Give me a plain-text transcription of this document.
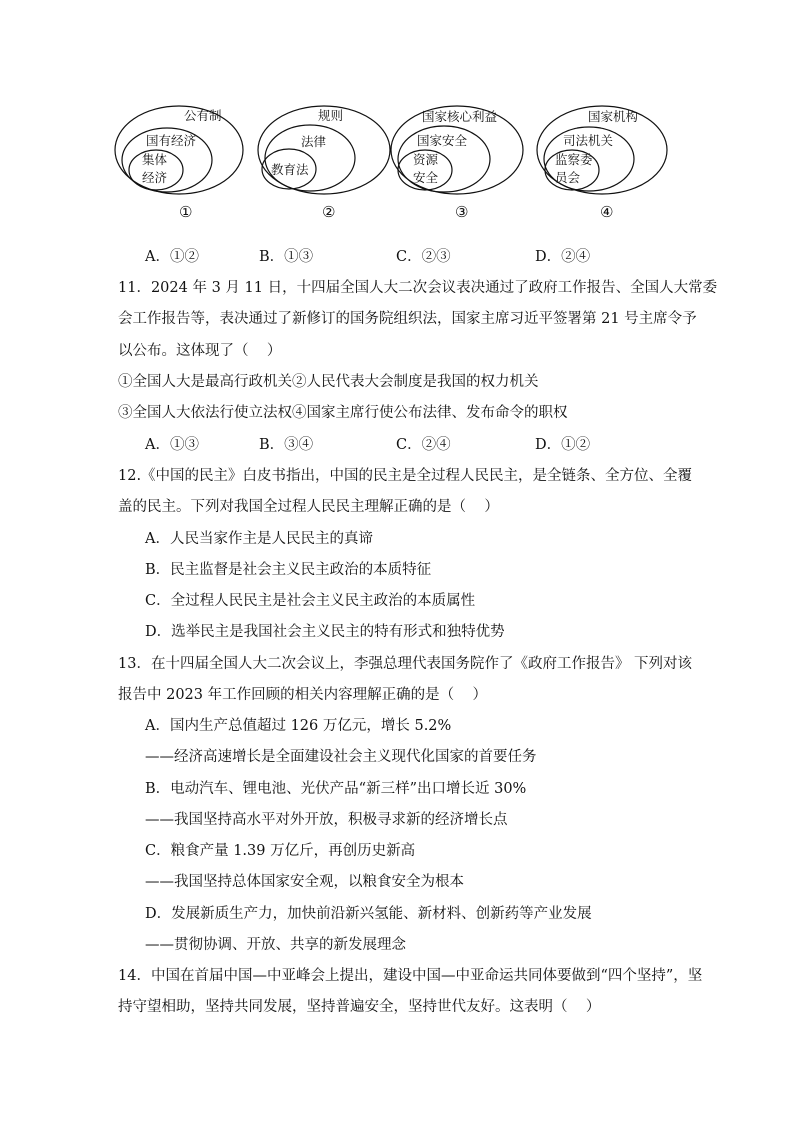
公有制
国有经济
集体
经济
①
规则
法律
教育法
②
国家核心利益
国家安全
资源
安全
③
国家机构
司法机关
监察委
员会
④
A．①②	B．①③	C．②③	D．②④
11．2024 年 3 月 11 日，十四届全国人大二次会议表决通过了政府工作报告、全国人大常委
会工作报告等，表决通过了新修订的国务院组织法，国家主席习近平签署第 21 号主席令予
以公布。这体现了（    ）
①全国人大是最高行政机关②人民代表大会制度是我国的权力机关
③全国人大依法行使立法权④国家主席行使公布法律、发布命令的职权
A．①③	B．③④	C．②④	D．①②
12.《中国的民主》白皮书指出，中国的民主是全过程人民民主，是全链条、全方位、全覆
盖的民主。下列对我国全过程人民民主理解正确的是（    ）
A．人民当家作主是人民民主的真谛
B．民主监督是社会主义民主政治的本质特征
C．全过程人民民主是社会主义民主政治的本质属性
D．选举民主是我国社会主义民主的特有形式和独特优势
13．在十四届全国人大二次会议上，李强总理代表国务院作了《政府工作报告》 下列对该
报告中 2023 年工作回顾的相关内容理解正确的是（    ）
A．国内生产总值超过 126 万亿元，增长 5.2%
——经济高速增长是全面建设社会主义现代化国家的首要任务
B．电动汽车、锂电池、光伏产品“新三样”出口增长近 30%
——我国坚持高水平对外开放，积极寻求新的经济增长点
C．粮食产量 1.39 万亿斤，再创历史新高
——我国坚持总体国家安全观，以粮食安全为根本
D．发展新质生产力，加快前沿新兴氢能、新材料、创新药等产业发展
——贯彻协调、开放、共享的新发展理念
14．中国在首届中国—中亚峰会上提出，建设中国—中亚命运共同体要做到“四个坚持”，坚
持守望相助，坚持共同发展，坚持普遍安全，坚持世代友好。这表明（    ）
